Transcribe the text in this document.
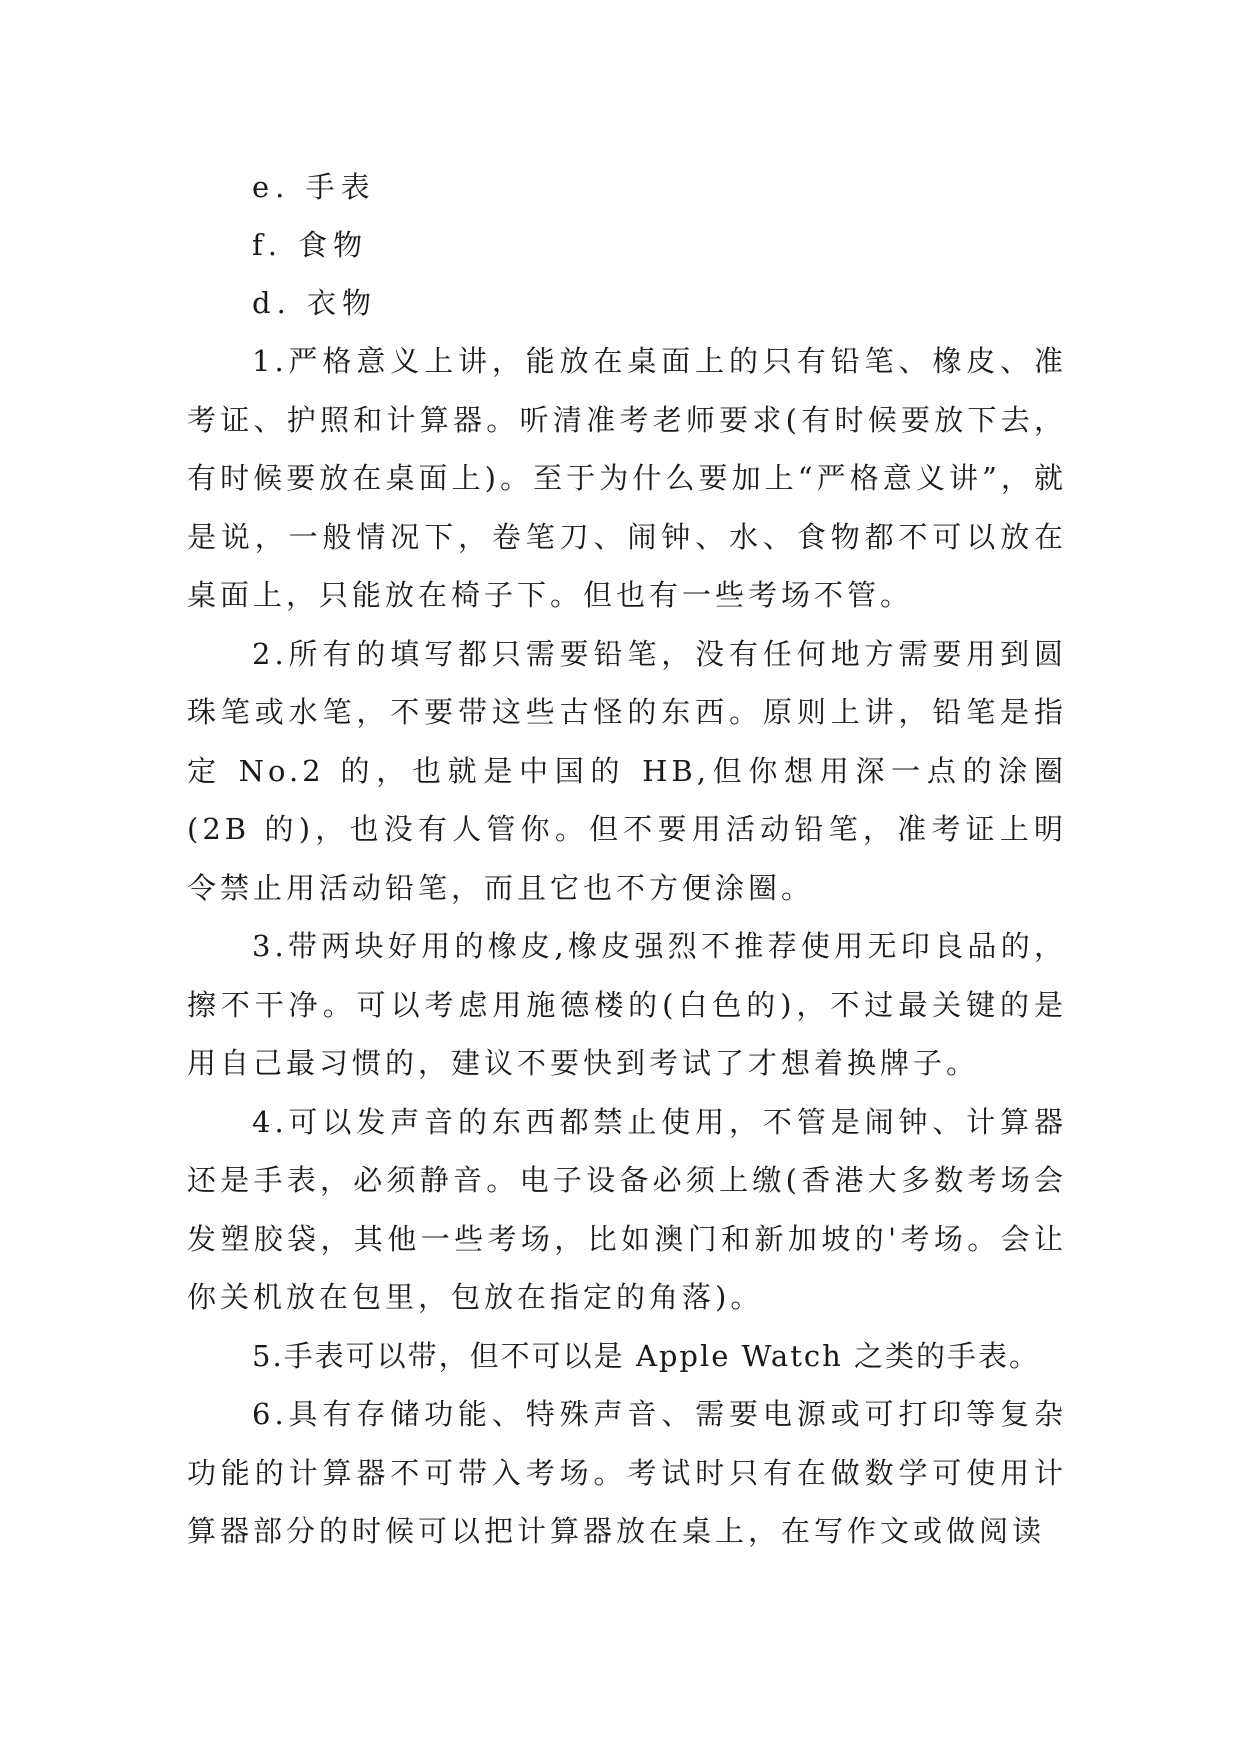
e. 手表
f. 食物
d. 衣物

1.严格意义上讲，能放在桌面上的只有铅笔、橡皮、准考证、护照和计算器。听清准考老师要求(有时候要放下去，有时候要放在桌面上)。至于为什么要加上“严格意义讲”，就是说，一般情况下，卷笔刀、闹钟、水、食物都不可以放在桌面上，只能放在椅子下。但也有一些考场不管。

2.所有的填写都只需要铅笔，没有任何地方需要用到圆珠笔或水笔，不要带这些古怪的东西。原则上讲，铅笔是指定 No.2 的，也就是中国的 HB,但你想用深一点的涂圈(2B 的)，也没有人管你。但不要用活动铅笔，准考证上明令禁止用活动铅笔，而且它也不方便涂圈。

3.带两块好用的橡皮,橡皮强烈不推荐使用无印良品的，擦不干净。可以考虑用施德楼的(白色的)，不过最关键的是用自己最习惯的，建议不要快到考试了才想着换牌子。

4.可以发声音的东西都禁止使用，不管是闹钟、计算器还是手表，必须静音。电子设备必须上缴(香港大多数考场会发塑胶袋，其他一些考场，比如澳门和新加坡的'考场。会让你关机放在包里，包放在指定的角落)。

5.手表可以带，但不可以是 Apple Watch 之类的手表。

6.具有存储功能、特殊声音、需要电源或可打印等复杂功能的计算器不可带入考场。考试时只有在做数学可使用计算器部分的时候可以把计算器放在桌上，在写作文或做阅读
